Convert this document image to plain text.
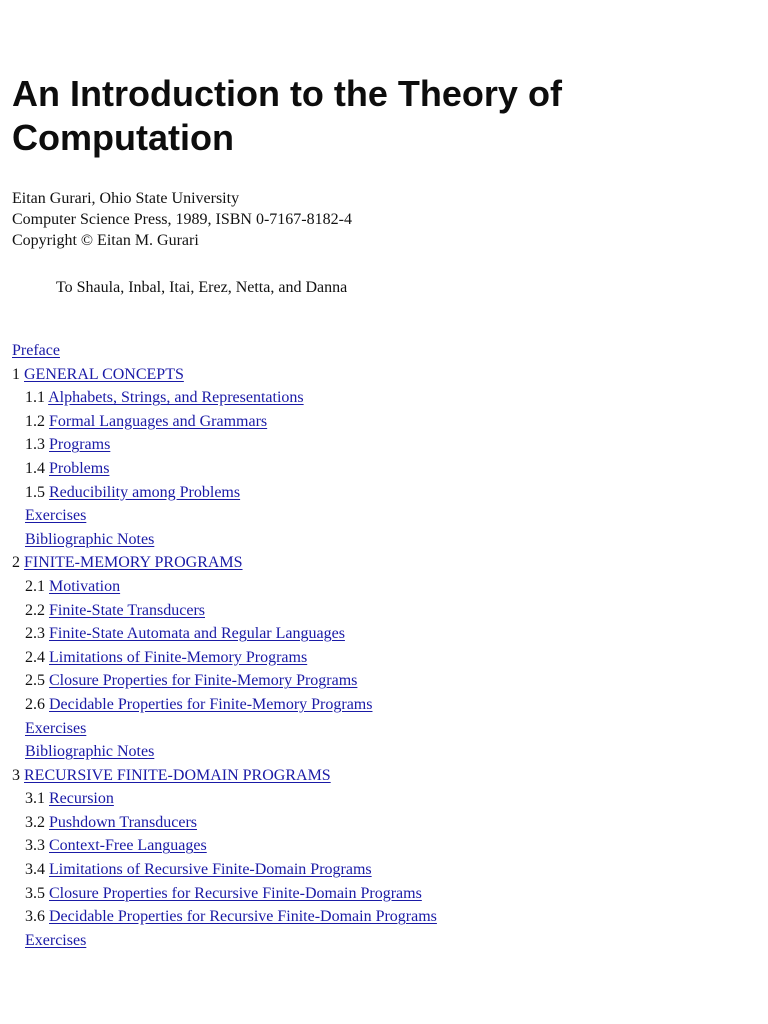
An Introduction to the Theory of Computation
Eitan Gurari, Ohio State University
Computer Science Press, 1989, ISBN 0-7167-8182-4
Copyright © Eitan M. Gurari
To Shaula, Inbal, Itai, Erez, Netta, and Danna
Preface
1 GENERAL CONCEPTS
1.1 Alphabets, Strings, and Representations
1.2 Formal Languages and Grammars
1.3 Programs
1.4 Problems
1.5 Reducibility among Problems
Exercises
Bibliographic Notes
2 FINITE-MEMORY PROGRAMS
2.1 Motivation
2.2 Finite-State Transducers
2.3 Finite-State Automata and Regular Languages
2.4 Limitations of Finite-Memory Programs
2.5 Closure Properties for Finite-Memory Programs
2.6 Decidable Properties for Finite-Memory Programs
Exercises
Bibliographic Notes
3 RECURSIVE FINITE-DOMAIN PROGRAMS
3.1 Recursion
3.2 Pushdown Transducers
3.3 Context-Free Languages
3.4 Limitations of Recursive Finite-Domain Programs
3.5 Closure Properties for Recursive Finite-Domain Programs
3.6 Decidable Properties for Recursive Finite-Domain Programs
Exercises
